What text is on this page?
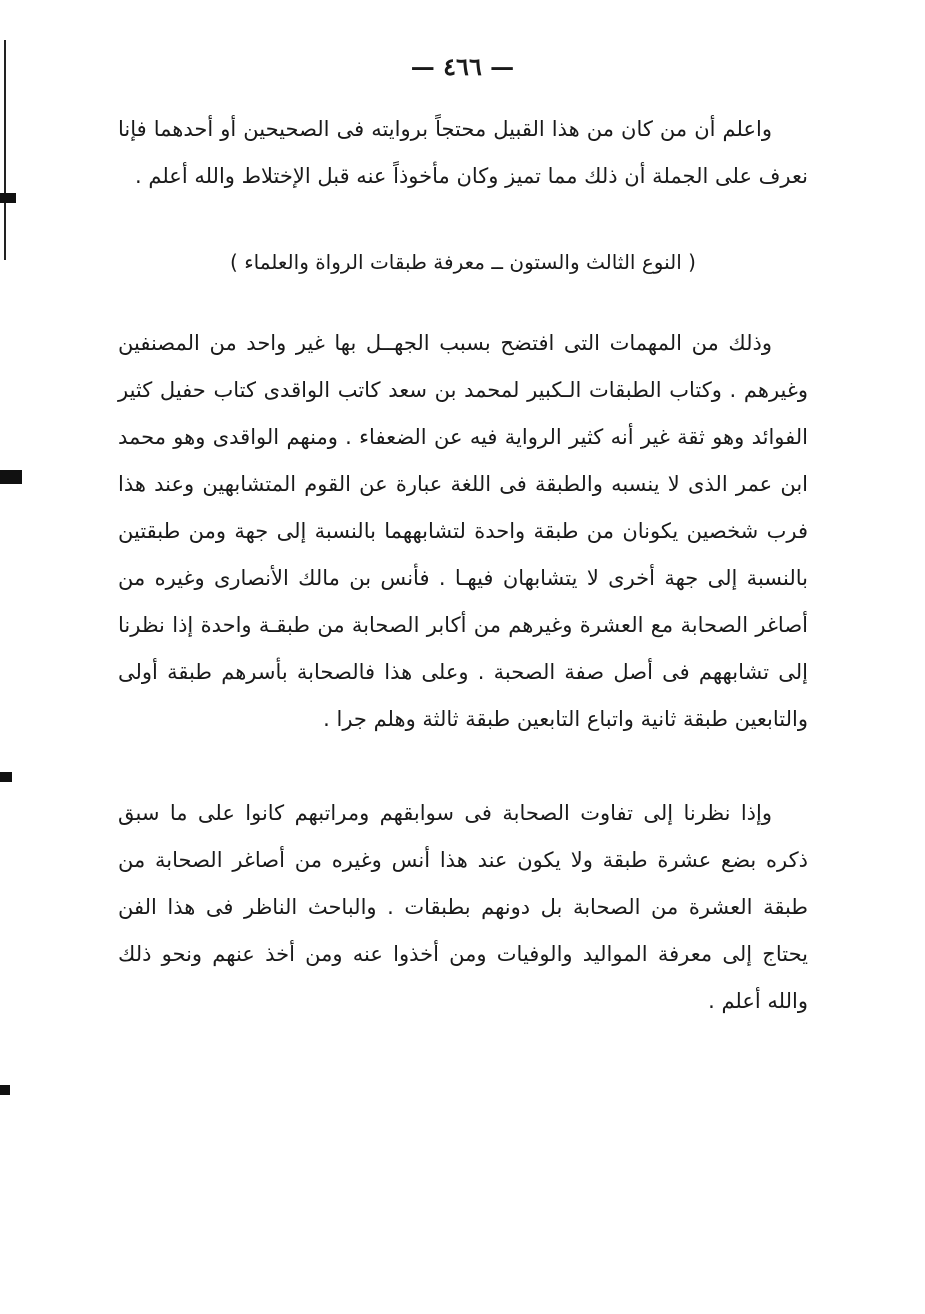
— ٤٦٦ —

واعلم أن من كان من هذا القبيل محتجاً بروايته فى الصحيحين أو أحدهما فإنا نعرف على الجملة أن ذلك مما تميز وكان مأخوذاً عنه قبل الإختلاط والله أعلم .

( النوع الثالث والستون ــ معرفة طبقات الرواة والعلماء )

وذلك من المهمات التى افتضح بسبب الجهــل بها غير واحد من المصنفين وغيرهم . وكتاب الطبقات الـكبير لمحمد بن سعد كاتب الواقدى كتاب حفيل كثير الفوائد وهو ثقة غير أنه كثير الرواية فيه عن الضعفاء . ومنهم الواقدى وهو محمد ابن عمر الذى لا ينسبه والطبقة فى اللغة عبارة عن القوم المتشابهين وعند هذا فرب شخصين يكونان من طبقة واحدة لتشابههما بالنسبة إلى جهة ومن طبقتين بالنسبة إلى جهة أخرى لا يتشابهان فيهـا . فأنس بن مالك الأنصارى وغيره من أصاغر الصحابة مع العشرة وغيرهم من أكابر الصحابة من طبقـة واحدة إذا نظرنا إلى تشابههم فى أصل صفة الصحبة . وعلى هذا فالصحابة بأسرهم طبقة أولى والتابعين طبقة ثانية واتباع التابعين طبقة ثالثة وهلم جرا .

وإذا نظرنا إلى تفاوت الصحابة فى سوابقهم ومراتبهم كانوا على ما سبق ذكره بضع عشرة طبقة ولا يكون عند هذا أنس وغيره من أصاغر الصحابة من طبقة العشرة من الصحابة بل دونهم بطبقات . والباحث الناظر فى هذا الفن يحتاج إلى معرفة المواليد والوفيات ومن أخذوا عنه ومن أخذ عنهم ونحو ذلك والله أعلم .
